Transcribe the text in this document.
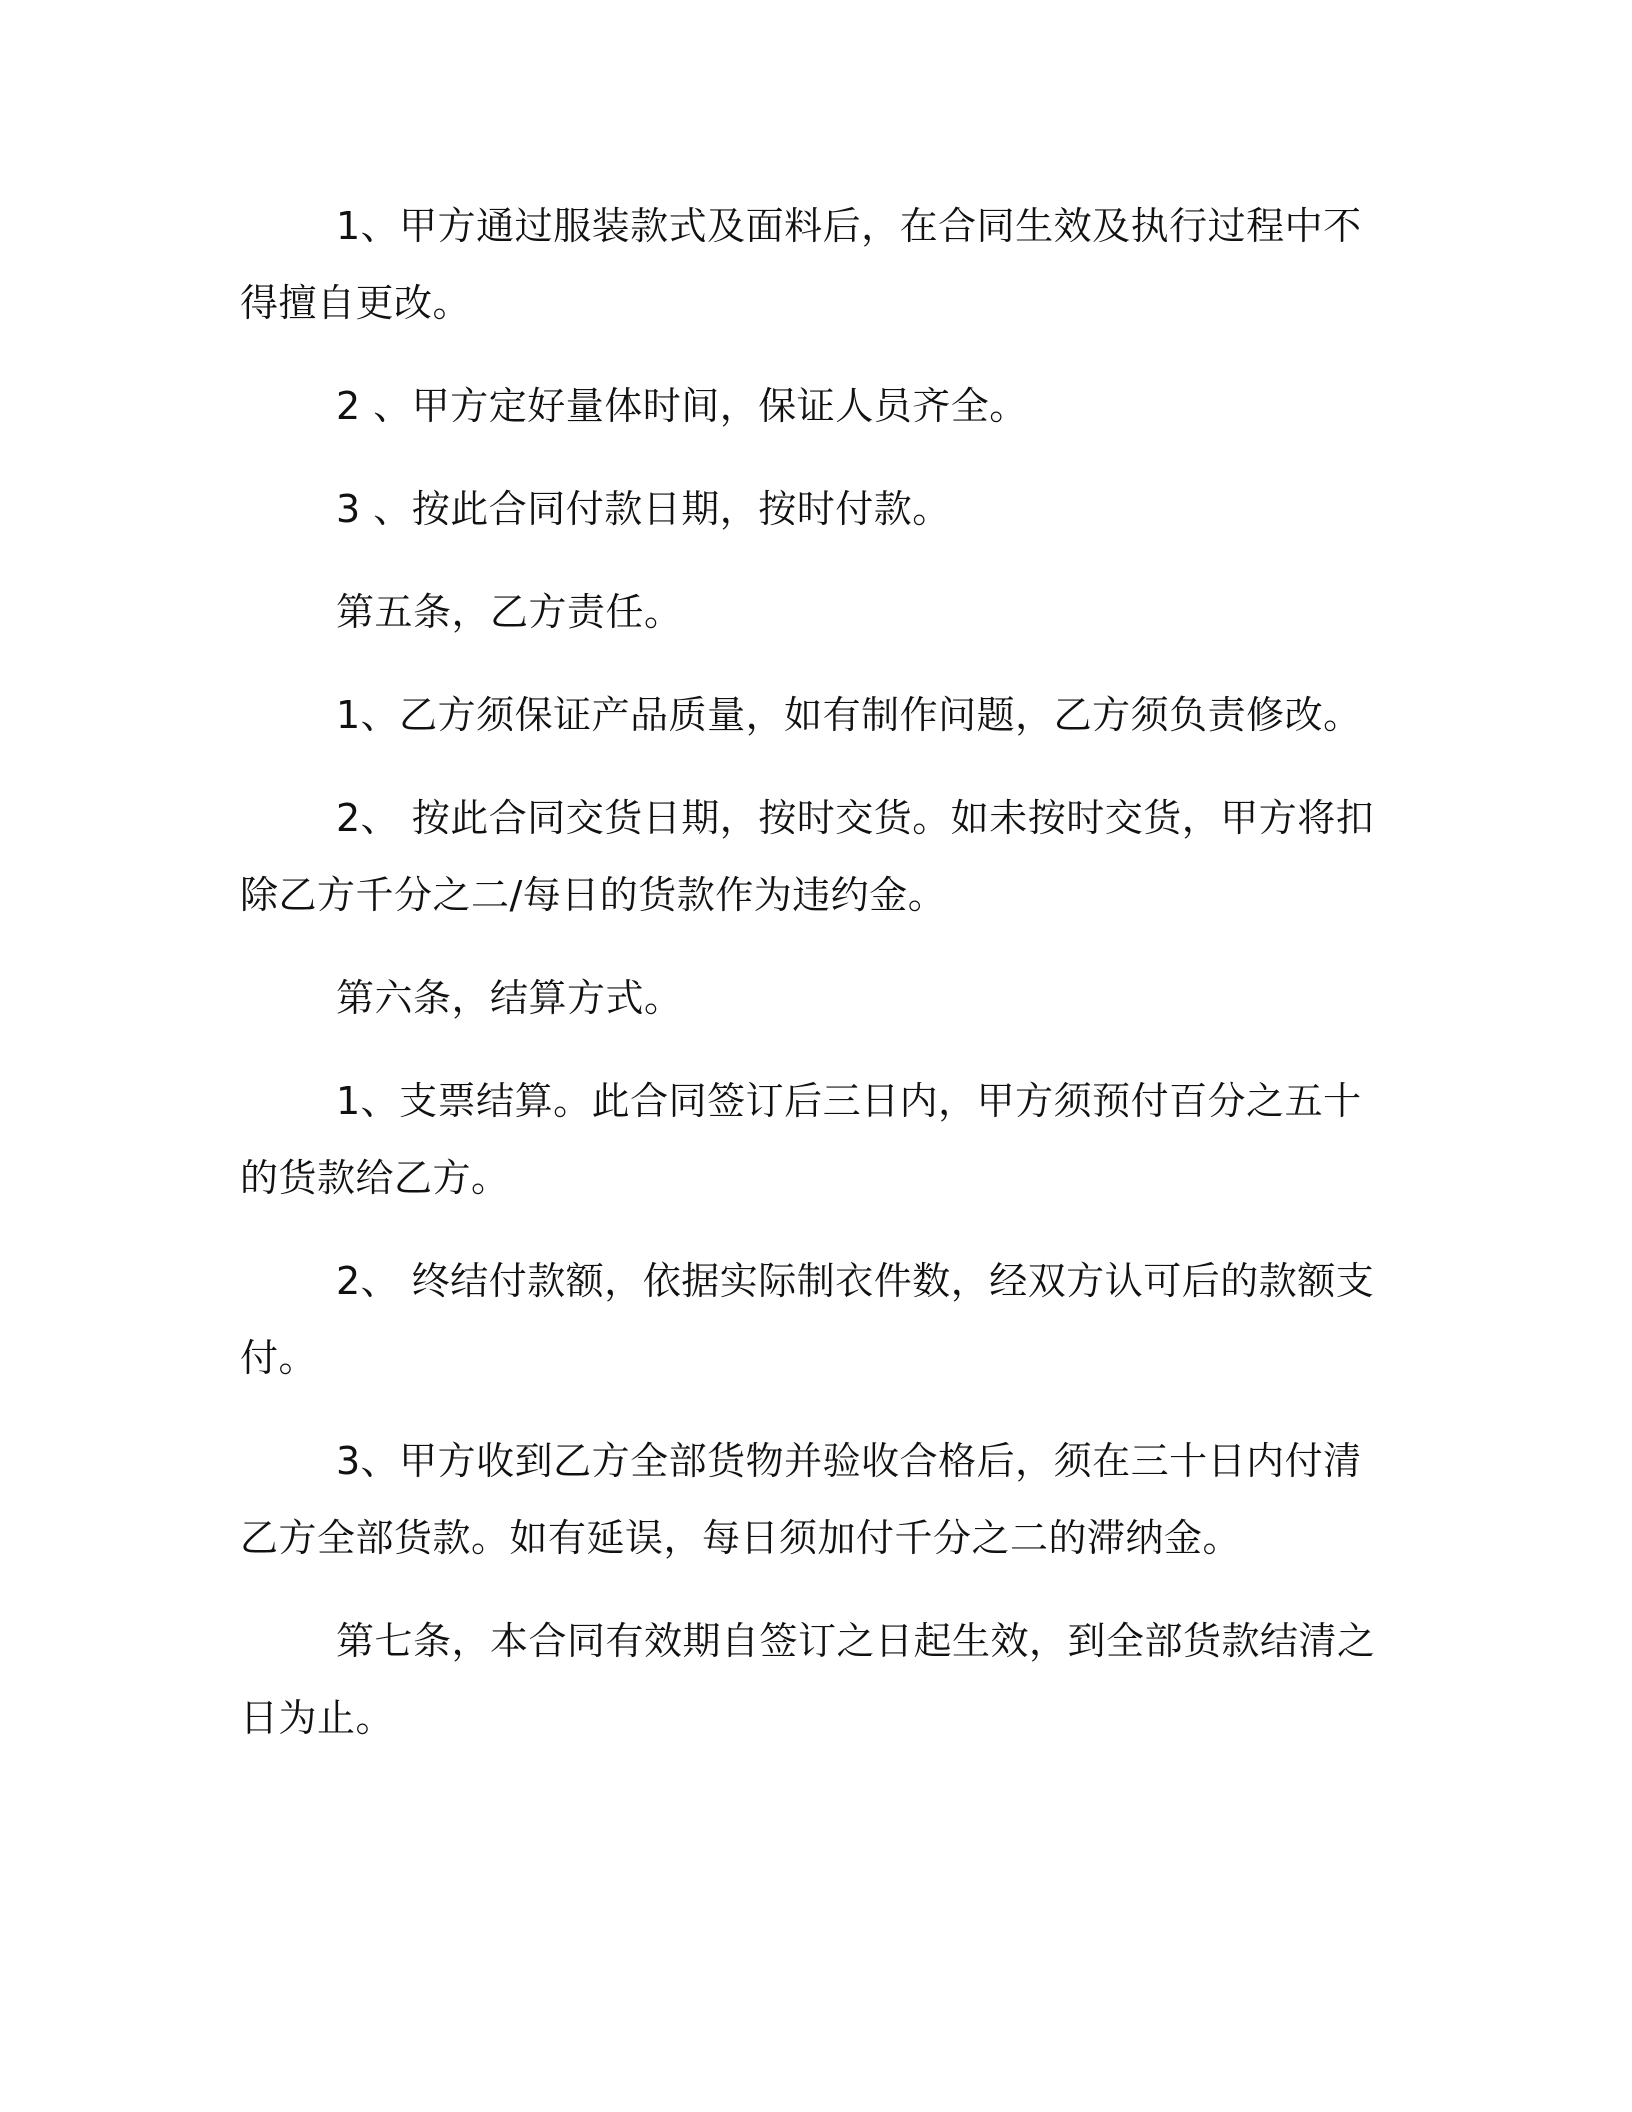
1、甲方通过服装款式及面料后，在合同生效及执行过程中不得擅自更改。

2 、甲方定好量体时间，保证人员齐全。

3 、按此合同付款日期，按时付款。

第五条，乙方责任。

1、乙方须保证产品质量，如有制作问题，乙方须负责修改。

2、 按此合同交货日期，按时交货。如未按时交货，甲方将扣除乙方千分之二/每日的货款作为违约金。

第六条，结算方式。

1、支票结算。此合同签订后三日内，甲方须预付百分之五十的货款给乙方。

2、 终结付款额，依据实际制衣件数，经双方认可后的款额支付。

3、甲方收到乙方全部货物并验收合格后，须在三十日内付清乙方全部货款。如有延误，每日须加付千分之二的滞纳金。

第七条，本合同有效期自签订之日起生效，到全部货款结清之日为止。
